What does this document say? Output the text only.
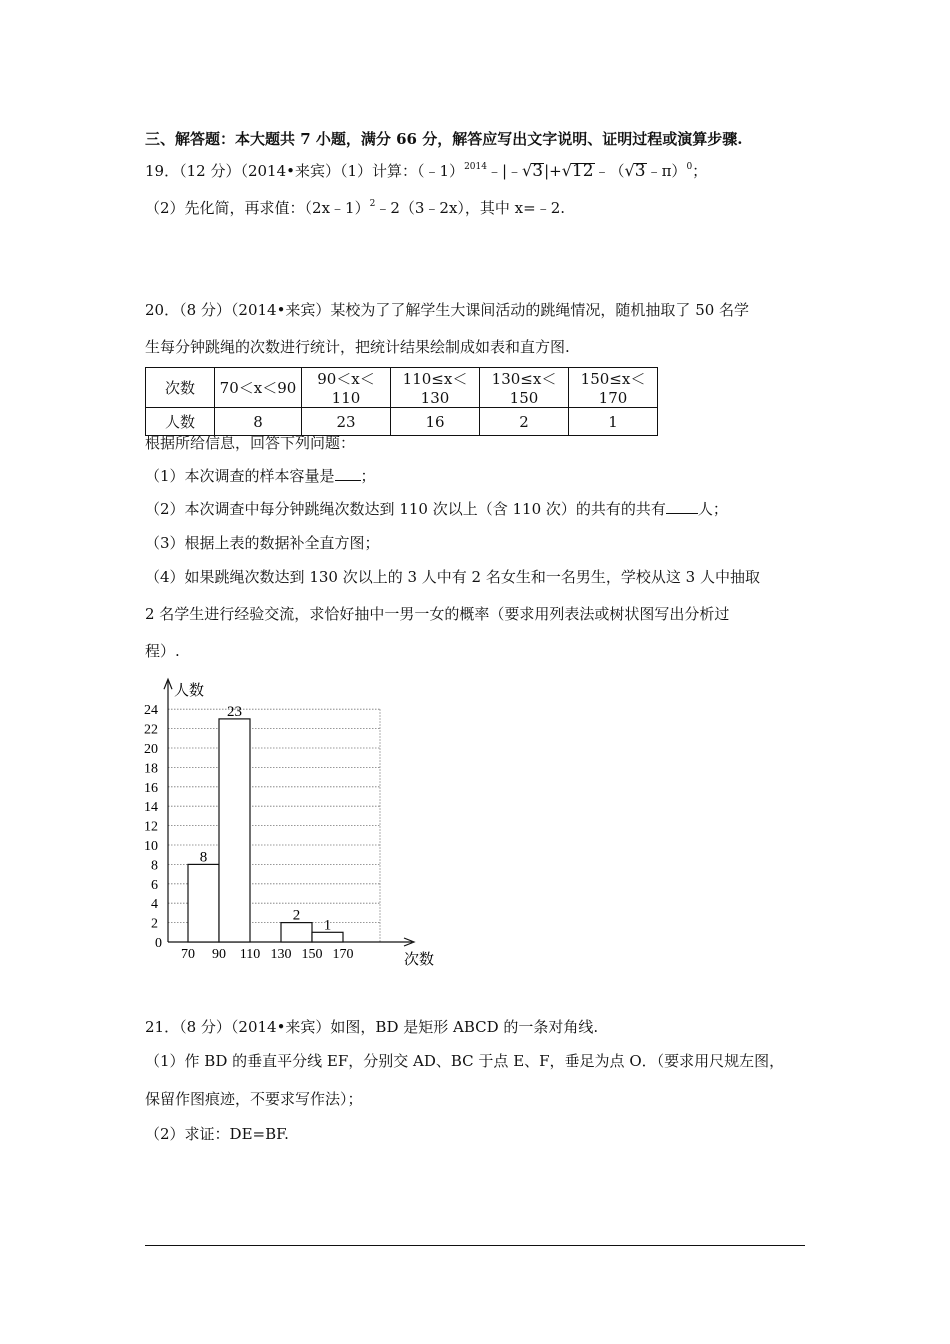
三、解答题：本大题共 7 小题，满分 66 分，解答应写出文字说明、证明过程或演算步骤.
19．（12 分）（2014•来宾）（1）计算：（﹣1）$^{2014}$﹣|﹣√3|+√12﹣（√3﹣π）$^0$；
（2）先化简，再求值：（2x﹣1）$^2$﹣2（3﹣2x），其中 x=﹣2.
20．（8 分）（2014•来宾）某校为了了解学生大课间活动的跳绳情况，随机抽取了 50 名学
生每分钟跳绳的次数进行统计，把统计结果绘制成如表和直方图.
次数	70＜x＜90	90＜x＜110	110≤x＜130	130≤x＜150	150≤x＜170
人数	8	23	16	2	1
根据所给信息，回答下列问题：
（1）本次调查的样本容量是 ；
（2）本次调查中每分钟跳绳次数达到 110 次以上（含 110 次）的共有的共有 人；
（3）根据上表的数据补全直方图；
（4）如果跳绳次数达到 130 次以上的 3 人中有 2 名女生和一名男生，学校从这 3 人中抽取
2 名学生进行经验交流，求恰好抽中一男一女的概率（要求用列表法或树状图写出分析过
程）.
0
2
4
6
8
10
12
14
16
18
20
22
24
70 90 110 130 150 170
人数
次数
8
23
2
1
21．（8 分）（2014•来宾）如图，BD 是矩形 ABCD 的一条对角线.
（1）作 BD 的垂直平分线 EF，分别交 AD、BC 于点 E、F，垂足为点 O．（要求用尺规左图，
保留作图痕迹，不要求写作法）；
（2）求证：DE=BF.
